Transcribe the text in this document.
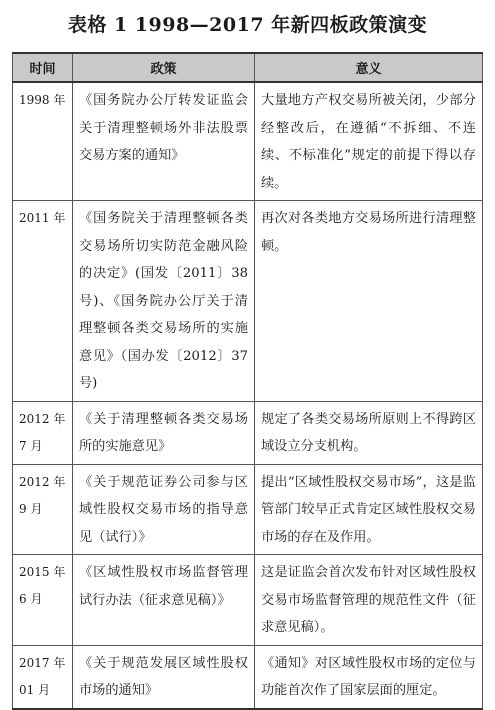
表格 1 1998—2017 年新四板政策演变
时间	政策	意义
1998 年	《国务院办公厅转发证监会关于清理整顿场外非法股票交易方案的通知》	大量地方产权交易所被关闭，少部分经整改后，在遵循“不拆细、不连续、不标准化”规定的前提下得以存续。
2011 年	《国务院关于清理整顿各类交易场所切实防范金融风险的决定》(国发〔2011〕38 号)、《国务院办公厅关于清理整顿各类交易场所的实施意见》（国办发〔2012〕37 号)	再次对各类地方交易场所进行清理整顿。
2012 年 7 月	《关于清理整顿各类交易场所的实施意见》	规定了各类交易场所原则上不得跨区域设立分支机构。
2012 年 9 月	《关于规范证券公司参与区域性股权交易市场的指导意见（试行）》	提出“区域性股权交易市场”，这是监管部门较早正式肯定区域性股权交易市场的存在及作用。
2015 年 6 月	《区域性股权市场监督管理试行办法（征求意见稿）》	这是证监会首次发布针对区域性股权交易市场监督管理的规范性文件（征求意见稿）。
2017 年 01 月	《关于规范发展区域性股权市场的通知》	《通知》对区域性股权市场的定位与功能首次作了国家层面的厘定。
